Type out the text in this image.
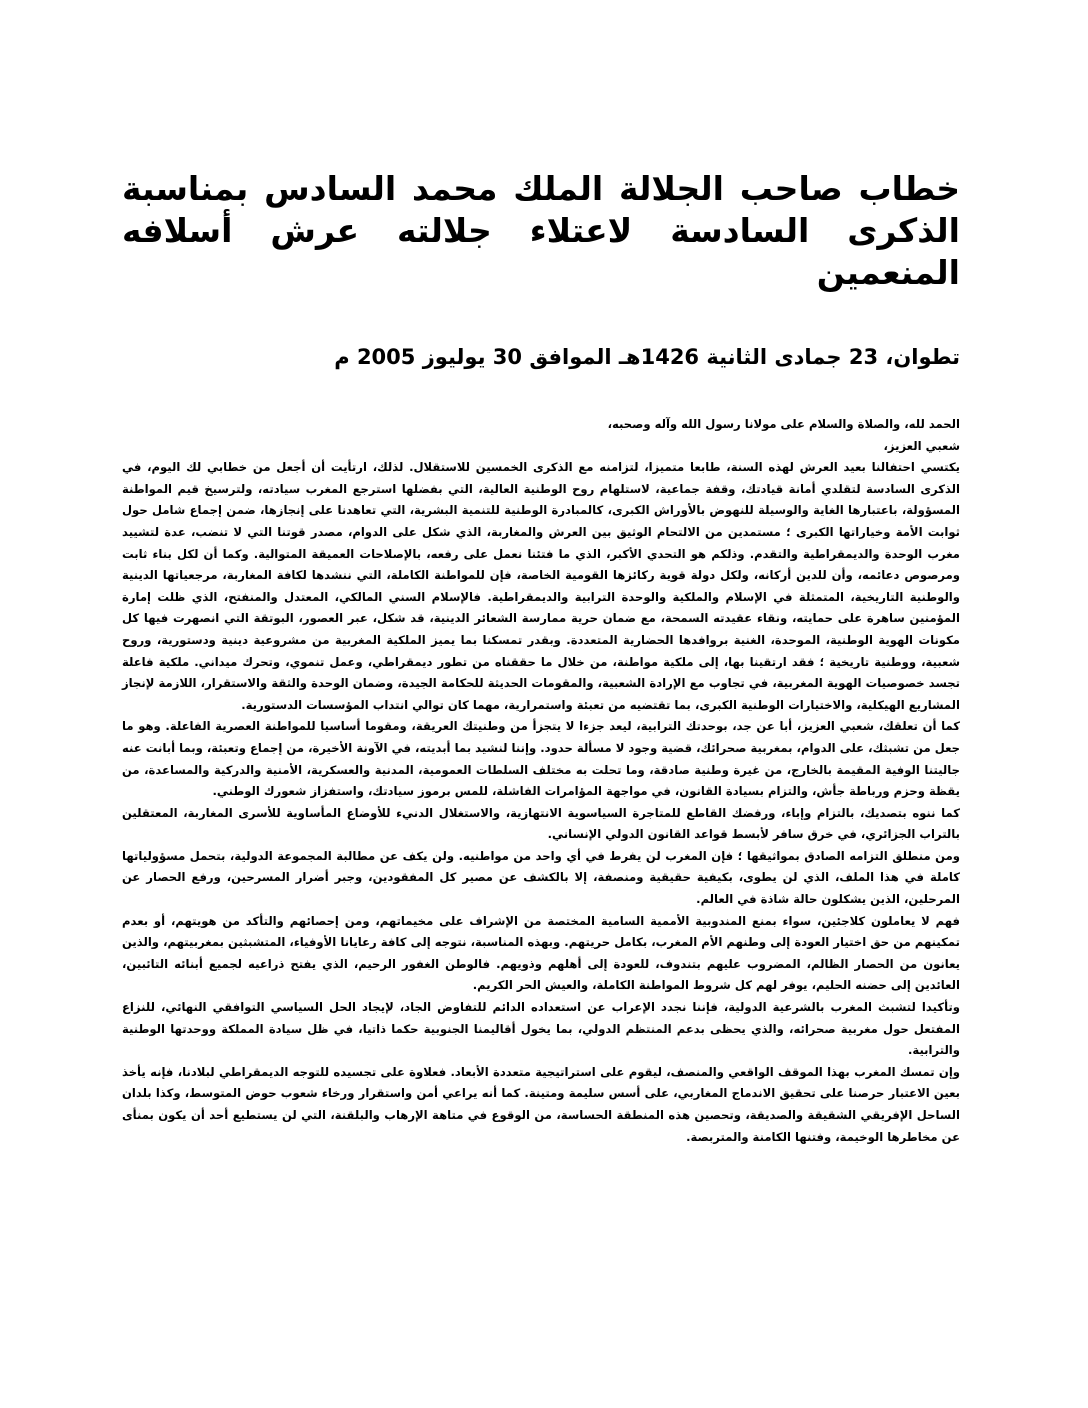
خطاب صاحب الجلالة الملك محمد السادس بمناسبة الذكرى السادسة لاعتلاء جلالته عرش أسلافه المنعمين
تطوان، 23 جمادى الثانية 1426هـ الموافق 30 يوليوز 2005 م

الحمد لله، والصلاة والسلام على مولانا رسول الله وآله وصحبه،

شعبي العزيز،

يكتسي احتفالنا بعيد العرش لهذه السنة، طابعا متميزا، لتزامنه مع الذكرى الخمسين للاستقلال. لذلك، ارتأيت أن أجعل من خطابي لك اليوم، في الذكرى السادسة لتقلدي أمانة قيادتك، وقفة جماعية، لاستلهام روح الوطنية العالية، التي بفضلها استرجع المغرب سيادته، ولترسيخ قيم المواطنة المسؤولة، باعتبارها الغاية والوسيلة للنهوض بالأوراش الكبرى، كالمبادرة الوطنية للتنمية البشرية، التي تعاهدنا على إنجازها، ضمن إجماع شامل حول ثوابت الأمة وخياراتها الكبرى ؛ مستمدين من الالتحام الوثيق بين العرش والمغاربة، الذي شكل على الدوام، مصدر قوتنا التي لا تنضب، عدة لتشييد مغرب الوحدة والديمقراطية والتقدم. وذلكم هو التحدي الأكبر، الذي ما فتئنا نعمل على رفعه، بالإصلاحات العميقة المتوالية. وكما أن لكل بناء ثابت ومرصوص دعائمه، وأن للدين أركانه، ولكل دولة قوية ركائزها القومية الخاصة، فإن للمواطنة الكاملة، التي ننشدها لكافة المغاربة، مرجعياتها الدينية والوطنية التاريخية، المتمثلة في الإسلام والملكية والوحدة الترابية والديمقراطية. فالإسلام السني المالكي، المعتدل والمنفتح، الذي ظلت إمارة المؤمنين ساهرة على حمايته، ونقاء عقيدته السمحة، مع ضمان حرية ممارسة الشعائر الدينية، قد شكل، عبر العصور، البوتقة التي انصهرت فيها كل مكونات الهوية الوطنية، الموحدة، الغنية بروافدها الحضارية المتعددة. وبقدر تمسكنا بما يميز الملكية المغربية من مشروعية دينية ودستورية، وروح شعبية، ووطنية تاريخية ؛ فقد ارتقينا بها، إلى ملكية مواطنة، من خلال ما حققناه من تطور ديمقراطي، وعمل تنموي، وتحرك ميداني. ملكية فاعلة تجسد خصوصيات الهوية المغربية، في تجاوب مع الإرادة الشعبية، والمقومات الحديثة للحكامة الجيدة، وضمان الوحدة والثقة والاستقرار، اللازمة لإنجاز المشاريع الهيكلية، والاختيارات الوطنية الكبرى، بما تقتضيه من تعبئة واستمرارية، مهما كان توالي انتداب المؤسسات الدستورية.

كما أن تعلقك، شعبي العزيز، أبا عن جد، بوحدتك الترابية، ليعد جزءا لا يتجزأ من وطنيتك العريقة، ومقوما أساسيا للمواطنة العصرية الفاعلة. وهو ما جعل من تشبثك، على الدوام، بمغربية صحرائك، قضية وجود لا مسألة حدود. وإننا لنشيد بما أبديته، في الآونة الأخيرة، من إجماع وتعبئة، وبما أبانت عنه جاليتنا الوفية المقيمة بالخارج، من غيرة وطنية صادقة، وما تحلت به مختلف السلطات العمومية، المدنية والعسكرية، الأمنية والدركية والمساعدة، من يقظة وحزم ورباطة جأش، والتزام بسيادة القانون، في مواجهة المؤامرات الفاشلة، للمس برموز سيادتك، واستفزاز شعورك الوطني.

كما ننوه بتصديك، بالتزام وإباء، ورفضك القاطع للمتاجرة السياسوية الانتهازية، والاستغلال الدنيء للأوضاع المأساوية للأسرى المغاربة، المعتقلين بالتراب الجزائري، في خرق سافر لأبسط قواعد القانون الدولي الإنساني.

ومن منطلق التزامه الصادق بمواثيقها ؛ فإن المغرب لن يفرط في أي واحد من مواطنيه. ولن يكف عن مطالبة المجموعة الدولية، بتحمل مسؤولياتها كاملة في هذا الملف، الذي لن يطوى، بكيفية حقيقية ومنصفة، إلا بالكشف عن مصير كل المفقودين، وجبر أضرار المسرحين، ورفع الحصار عن المرحلين، الذين يشكلون حالة شاذة في العالم.

فهم لا يعاملون كلاجئين، سواء بمنع المندوبية الأممية السامية المختصة من الإشراف على مخيماتهم، ومن إحصائهم والتأكد من هويتهم، أو بعدم تمكينهم من حق اختيار العودة إلى وطنهم الأم المغرب، بكامل حريتهم. وبهذه المناسبة، نتوجه إلى كافة رعايانا الأوفياء، المتشبثين بمغربيتهم، والذين يعانون من الحصار الظالم، المضروب عليهم بتندوف، للعودة إلى أهلهم وذويهم. فالوطن الغفور الرحيم، الذي يفتح ذراعيه لجميع أبنائه التائبين، العائدين إلى حضنه الحليم، يوفر لهم كل شروط المواطنة الكاملة، والعيش الحر الكريم.

وتأكيدا لتشبث المغرب بالشرعية الدولية، فإننا نجدد الإعراب عن استعداده الدائم للتفاوض الجاد، لإيجاد الحل السياسي التوافقي النهائي، للنزاع المفتعل حول مغربية صحرائه، والذي يحظى بدعم المنتظم الدولي، بما يخول أقاليمنا الجنوبية حكما ذاتيا، في ظل سيادة المملكة ووحدتها الوطنية والترابية.

وإن تمسك المغرب بهذا الموقف الواقعي والمنصف، ليقوم على استراتيجية متعددة الأبعاد. فعلاوة على تجسيده للتوجه الديمقراطي لبلادنا، فإنه يأخذ بعين الاعتبار حرصنا على تحقيق الاندماج المغاربي، على أسس سليمة ومتينة. كما أنه يراعي أمن واستقرار ورخاء شعوب حوض المتوسط، وكذا بلدان الساحل الإفريقي الشقيقة والصديقة، وتحصين هذه المنطقة الحساسة، من الوقوع في متاهة الإرهاب والبلقنة، التي لن يستطيع أحد أن يكون بمنأى عن مخاطرها الوخيمة، وفتنها الكامنة والمتربصة.
